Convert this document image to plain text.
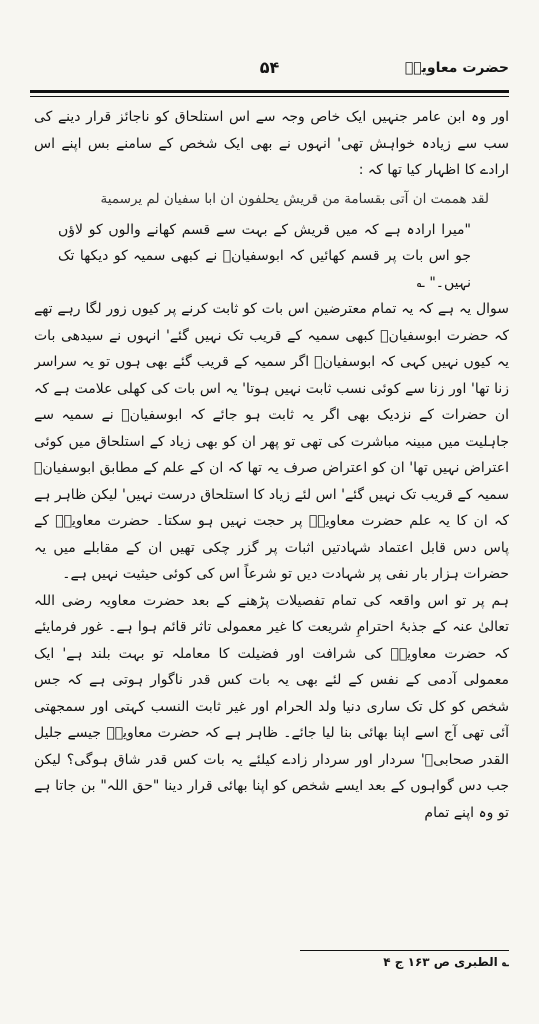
حضرت معاویہؓ
۵۴

اور وہ ابن عامر جنہیں ایک خاص وجہ سے اس استلحاق کو ناجائز قرار دینے کی سب سے زیادہ خواہش تھی' انہوں نے بھی ایک شخص کے سامنے بس اپنے اس ارادے کا اظہار کیا تھا کہ :

لقد هممت ان آتی بقسامة من قريش يحلفون ان ابا سفيان لم يرسمية

"میرا ارادہ ہے کہ میں قریش کے بہت سے قسم کھانے والوں کو لاؤں جو اس بات پر قسم کھائیں کہ ابوسفیانؓ نے کبھی سمیہ کو دیکھا تک نہیں۔" ؎

سوال یہ ہے کہ یہ تمام معترضین اس بات کو ثابت کرنے پر کیوں زور لگا رہے تھے کہ حضرت ابوسفیانؓ کبھی سمیہ کے قریب تک نہیں گئے' انہوں نے سیدھی بات یہ کیوں نہیں کہی کہ ابوسفیانؓ اگر سمیہ کے قریب گئے بھی ہوں تو یہ سراسر زنا تھا' اور زنا سے کوئی نسب ثابت نہیں ہوتا' یہ اس بات کی کھلی علامت ہے کہ ان حضرات کے نزدیک بھی اگر یہ ثابت ہو جائے کہ ابوسفیانؓ نے سمیہ سے جاہلیت میں مبینہ مباشرت کی تھی تو پھر ان کو بھی زیاد کے استلحاق میں کوئی اعتراض نہیں تھا' ان کو اعتراض صرف یہ تھا کہ ان کے علم کے مطابق ابوسفیانؓ سمیہ کے قریب تک نہیں گئے' اس لئے زیاد کا استلحاق درست نہیں' لیکن ظاہر ہے کہ ان کا یہ علم حضرت معاویہؓ پر حجت نہیں ہو سکتا۔ حضرت معاویہؓ کے پاس دس قابل اعتماد شہادتیں اثبات پر گزر چکی تھیں ان کے مقابلے میں یہ حضرات ہزار بار نفی پر شہادت دیں تو شرعاً اس کی کوئی حیثیت نہیں ہے۔

ہم پر تو اس واقعہ کی تمام تفصیلات پڑھنے کے بعد حضرت معاویہ رضی اللہ تعالیٰ عنہ کے جذبۂ احترامِ شریعت کا غیر معمولی تاثر قائم ہوا ہے۔ غور فرمایئے کہ حضرت معاویہؓ کی شرافت اور فضیلت کا معاملہ تو بہت بلند ہے' ایک معمولی آدمی کے نفس کے لئے بھی یہ بات کس قدر ناگوار ہوتی ہے کہ جس شخص کو کل تک ساری دنیا ولد الحرام اور غیر ثابت النسب کہتی اور سمجھتی آئی تھی آج اسے اپنا بھائی بنا لیا جائے۔ ظاہر ہے کہ حضرت معاویہؓ جیسے جلیل القدر صحابیؓ' سردار اور سردار زادے کیلئے یہ بات کس قدر شاق ہوگی؟ لیکن جب دس گواہوں کے بعد ایسے شخص کو اپنا بھائی قرار دینا "حق اللہ" بن جاتا ہے تو وہ اپنے تمام

؎ الطبری ص ۱۶۳ ج ۴
